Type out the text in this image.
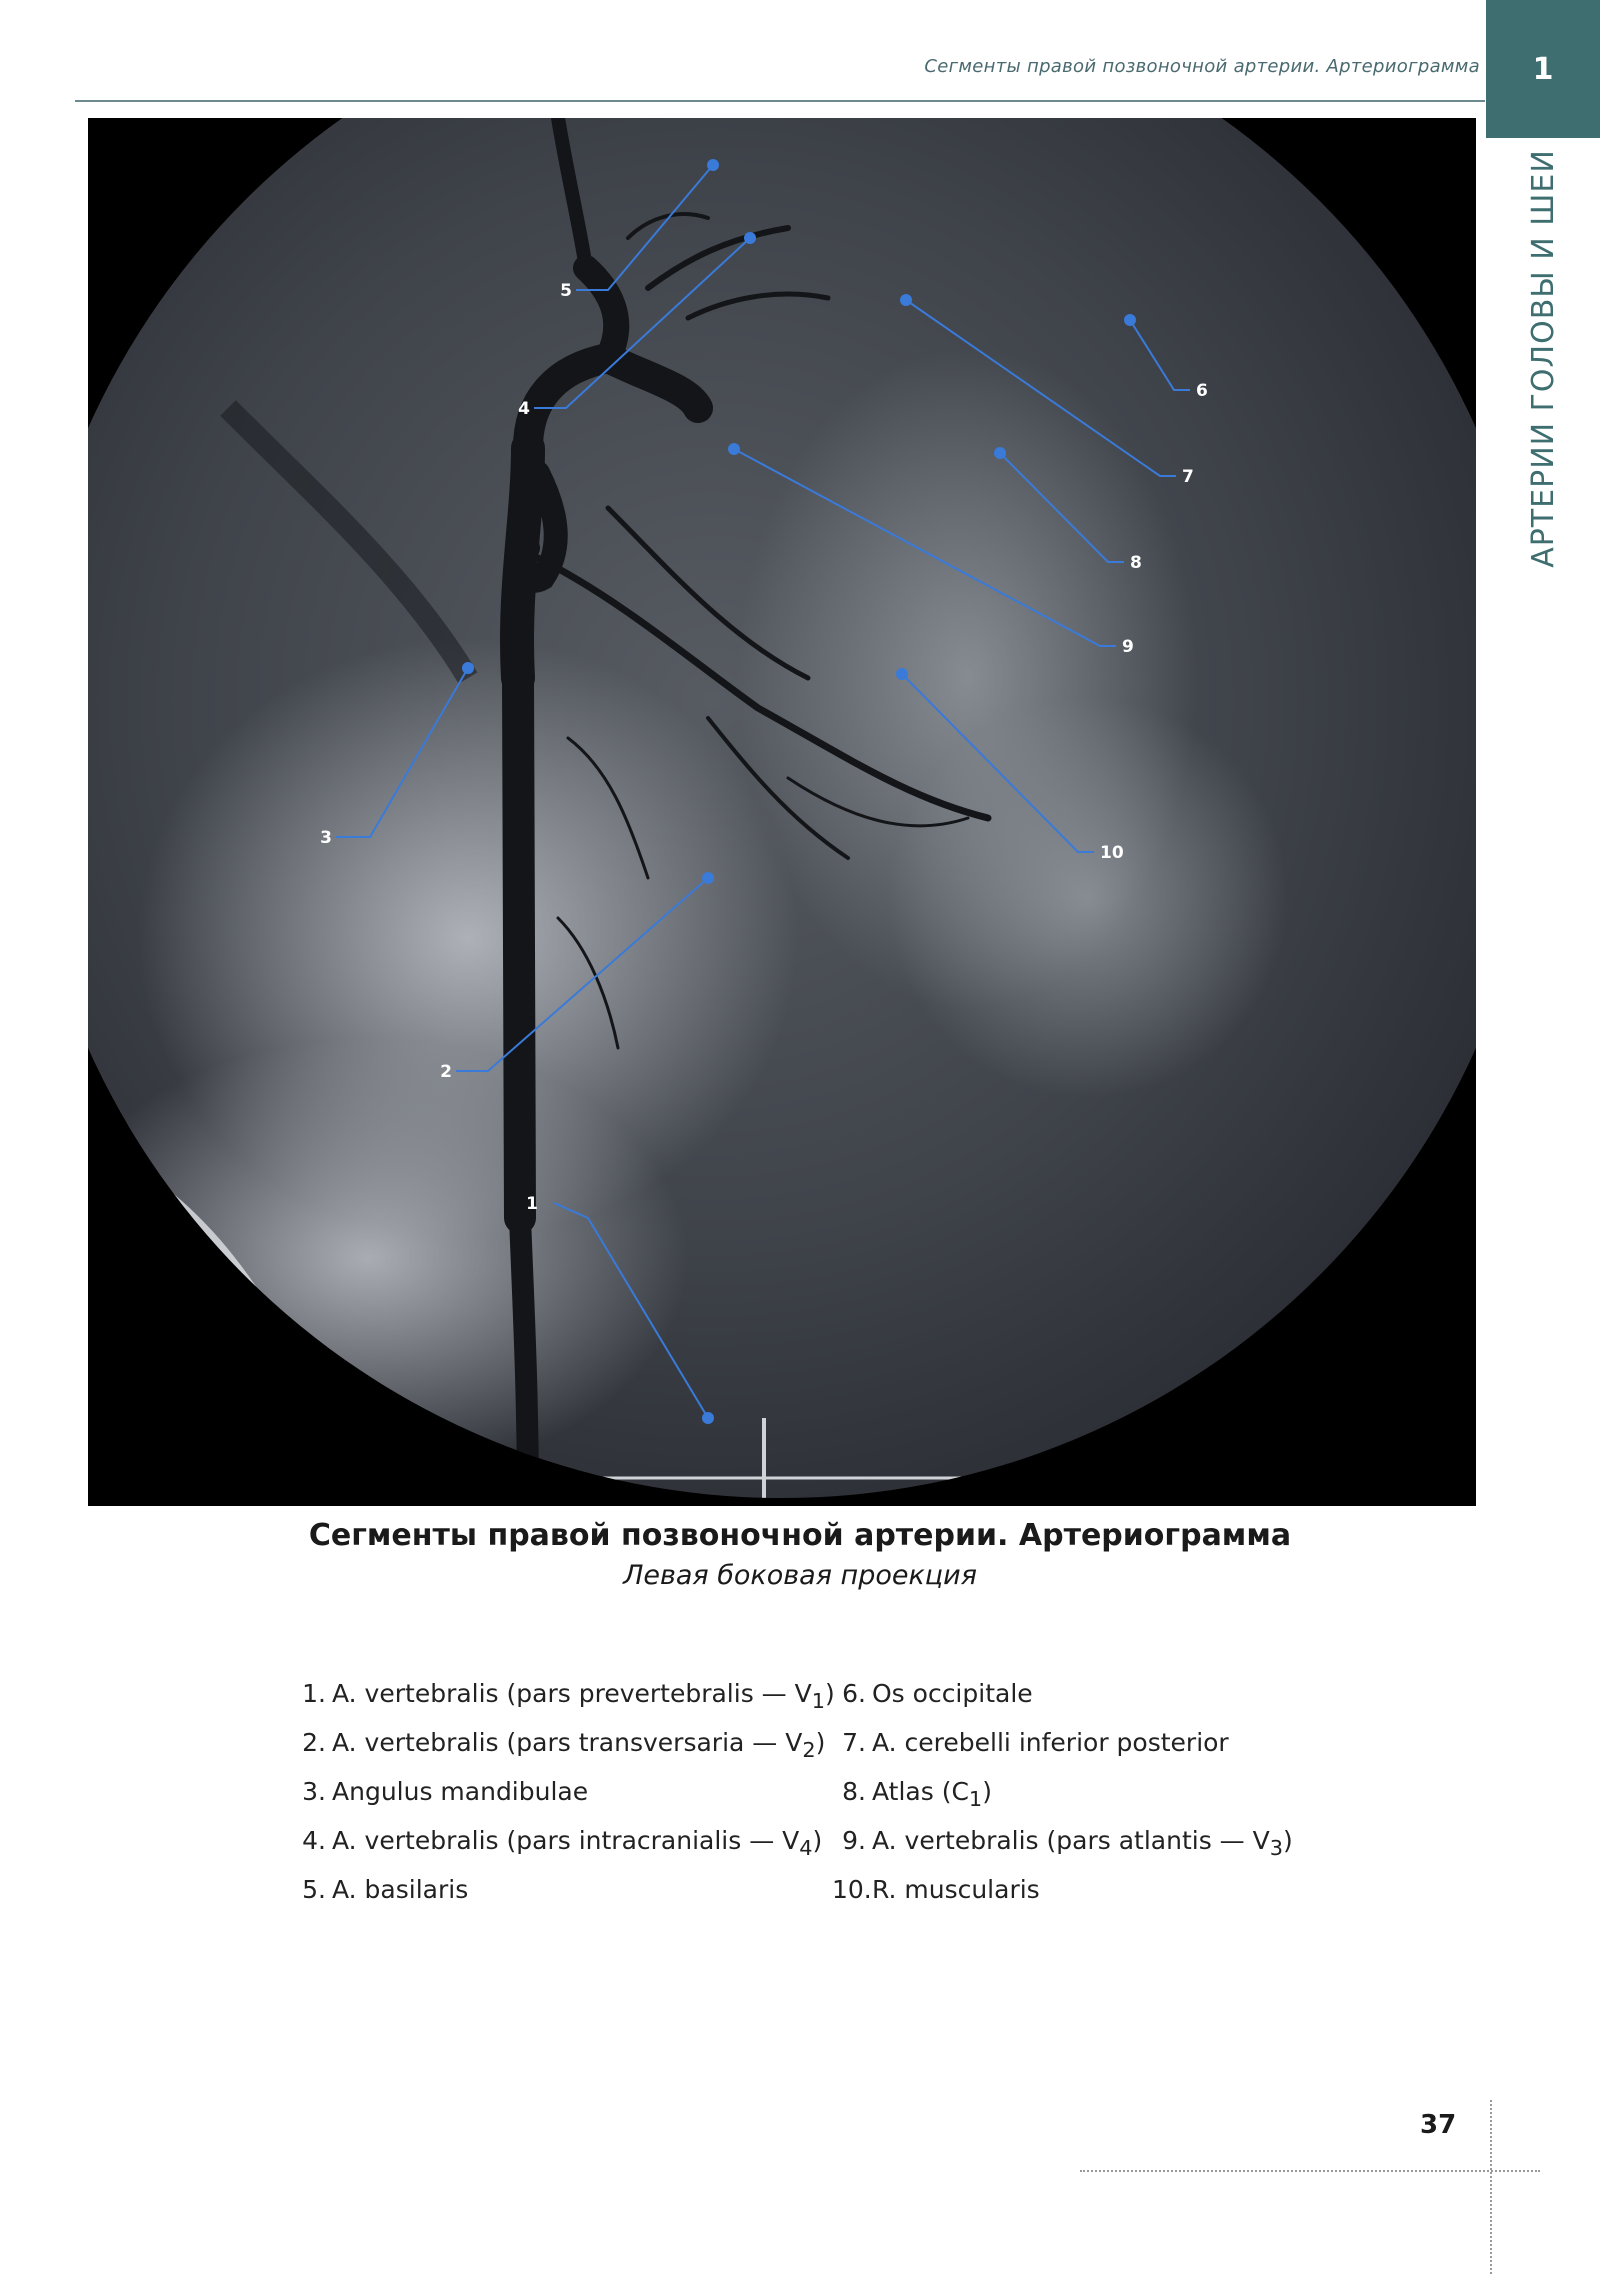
Сегменты правой позвоночной артерии. Артериограмма	1
АРТЕРИИ ГОЛОВЫ И ШЕИ
1
2
3
4
5
6
7
8
9
10
Сегменты правой позвоночной артерии. Артериограмма
Левая боковая проекция
1. A. vertebralis (pars prevertebralis — $V_1$)
2. A. vertebralis (pars transversaria — $V_2$)
3. Angulus mandibulae
4. A. vertebralis (pars intracranialis — $V_4$)
5. A. basilaris
6. Os occipitale
7. A. cerebelli inferior posterior
8. Atlas $(C_1)$
9. A. vertebralis (pars atlantis — $V_3$)
10.R. muscularis
37
